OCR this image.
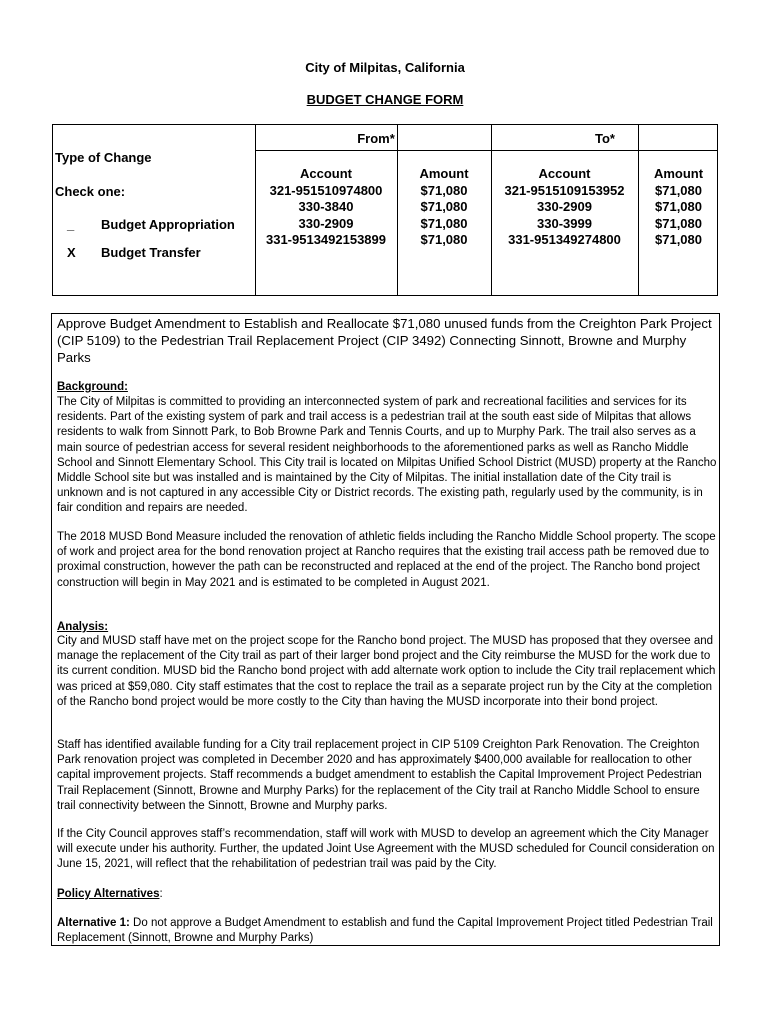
City of Milpitas, California
BUDGET CHANGE FORM
Type of Change
Check one:
_ Budget Appropriation
X Budget Transfer
From*	To*
Account
321-951510974800
330-3840
330-2909
331-9513492153899
Amount
$71,080
$71,080
$71,080
$71,080
Account
321-9515109153952
330-2909
330-3999
331-951349274800
Amount
$71,080
$71,080
$71,080
$71,080
Approve Budget Amendment to Establish and Reallocate $71,080 unused funds from the Creighton Park Project (CIP 5109) to the Pedestrian Trail Replacement Project (CIP 3492) Connecting Sinnott, Browne and Murphy Parks
Background:
The City of Milpitas is committed to providing an interconnected system of park and recreational facilities and services for its residents. Part of the existing system of park and trail access is a pedestrian trail at the south east side of Milpitas that allows residents to walk from Sinnott Park, to Bob Browne Park and Tennis Courts, and up to Murphy Park. The trail also serves as a main source of pedestrian access for several resident neighborhoods to the aforementioned parks as well as Rancho Middle School and Sinnott Elementary School. This City trail is located on Milpitas Unified School District (MUSD) property at the Rancho Middle School site but was installed and is maintained by the City of Milpitas. The initial installation date of the City trail is unknown and is not captured in any accessible City or District records. The existing path, regularly used by the community, is in fair condition and repairs are needed.
The 2018 MUSD Bond Measure included the renovation of athletic fields including the Rancho Middle School property. The scope of work and project area for the bond renovation project at Rancho requires that the existing trail access path be removed due to proximal construction, however the path can be reconstructed and replaced at the end of the project. The Rancho bond project construction will begin in May 2021 and is estimated to be completed in August 2021.
Analysis:
City and MUSD staff have met on the project scope for the Rancho bond project. The MUSD has proposed that they oversee and manage the replacement of the City trail as part of their larger bond project and the City reimburse the MUSD for the work due to its current condition. MUSD bid the Rancho bond project with add alternate work option to include the City trail replacement which was priced at $59,080. City staff estimates that the cost to replace the trail as a separate project run by the City at the completion of the Rancho bond project would be more costly to the City than having the MUSD incorporate into their bond project.
Staff has identified available funding for a City trail replacement project in CIP 5109 Creighton Park Renovation. The Creighton Park renovation project was completed in December 2020 and has approximately $400,000 available for reallocation to other capital improvement projects. Staff recommends a budget amendment to establish the Capital Improvement Project Pedestrian Trail Replacement (Sinnott, Browne and Murphy Parks) for the replacement of the City trail at Rancho Middle School to ensure trail connectivity between the Sinnott, Browne and Murphy parks.
If the City Council approves staff’s recommendation, staff will work with MUSD to develop an agreement which the City Manager will execute under his authority. Further, the updated Joint Use Agreement with the MUSD scheduled for Council consideration on June 15, 2021, will reflect that the rehabilitation of pedestrian trail was paid by the City.
Policy Alternatives:
Alternative 1: Do not approve a Budget Amendment to establish and fund the Capital Improvement Project titled Pedestrian Trail Replacement (Sinnott, Browne and Murphy Parks)
